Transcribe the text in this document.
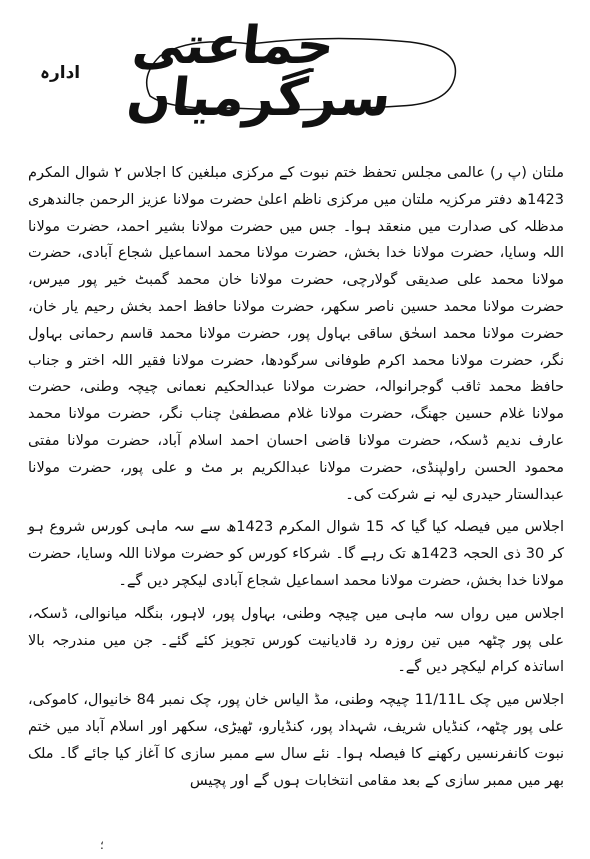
ادارہ جماعتی سرگرمیاں

ملتان (پ ر) عالمی مجلس تحفظ ختم نبوت کے مرکزی مبلغین کا اجلاس ۲ شوال المکرم 1423ھ دفتر مرکزیہ ملتان میں مرکزی ناظم اعلیٰ حضرت مولانا عزیز الرحمن جالندھری مدظلہ کی صدارت میں منعقد ہوا۔ جس میں حضرت مولانا بشیر احمد، حضرت مولانا اللہ وسایا، حضرت مولانا خدا بخش، حضرت مولانا محمد اسماعیل شجاع آبادی، حضرت مولانا محمد علی صدیقی گولارچی، حضرت مولانا خان محمد گمبٹ خیر پور میرس، حضرت مولانا محمد حسین ناصر سکھر، حضرت مولانا حافظ احمد بخش رحیم یار خان، حضرت مولانا محمد اسحٰق ساقی بہاول پور، حضرت مولانا محمد قاسم رحمانی بہاول نگر، حضرت مولانا محمد اکرم طوفانی سرگودھا، حضرت مولانا فقیر اللہ اختر و جناب حافظ محمد ثاقب گوجرانوالہ، حضرت مولانا عبدالحکیم نعمانی چیچہ وطنی، حضرت مولانا غلام حسین جھنگ، حضرت مولانا غلام مصطفیٰ چناب نگر، حضرت مولانا محمد عارف ندیم ڈسکہ، حضرت مولانا قاضی احسان احمد اسلام آباد، حضرت مولانا مفتی محمود الحسن راولپنڈی، حضرت مولانا عبدالکریم بر مٹ و علی پور، حضرت مولانا عبدالستار حیدری لیہ نے شرکت کی۔

اجلاس میں فیصلہ کیا گیا کہ 15 شوال المکرم 1423ھ سے سہ ماہی کورس شروع ہو کر 30 ذی الحجہ 1423ھ تک رہے گا۔ شرکاء کورس کو حضرت مولانا اللہ وسایا، حضرت مولانا خدا بخش، حضرت مولانا محمد اسماعیل شجاع آبادی لیکچر دیں گے۔

اجلاس میں رواں سہ ماہی میں چیچہ وطنی، بہاول پور، لاہور، بنگلہ میانوالی، ڈسکہ، علی پور چٹھہ میں تین روزہ رد قادیانیت کورس تجویز کئے گئے۔ جن میں مندرجہ بالا اساتذہ کرام لیکچر دیں گے۔

اجلاس میں چک 11/11L چیچہ وطنی، مڈ الیاس خان پور، چک نمبر 84 خانیوال، کاموکی، علی پور چٹھہ، کنڈیاں شریف، شہداد پور، کنڈیارو، ٹھیڑی، سکھر اور اسلام آباد میں ختم نبوت کانفرنسیں رکھنے کا فیصلہ ہوا۔ نئے سال سے ممبر سازی کا آغاز کیا جائے گا۔ ملک بھر میں ممبر سازی کے بعد مقامی انتخابات ہوں گے اور پچیس

؛
